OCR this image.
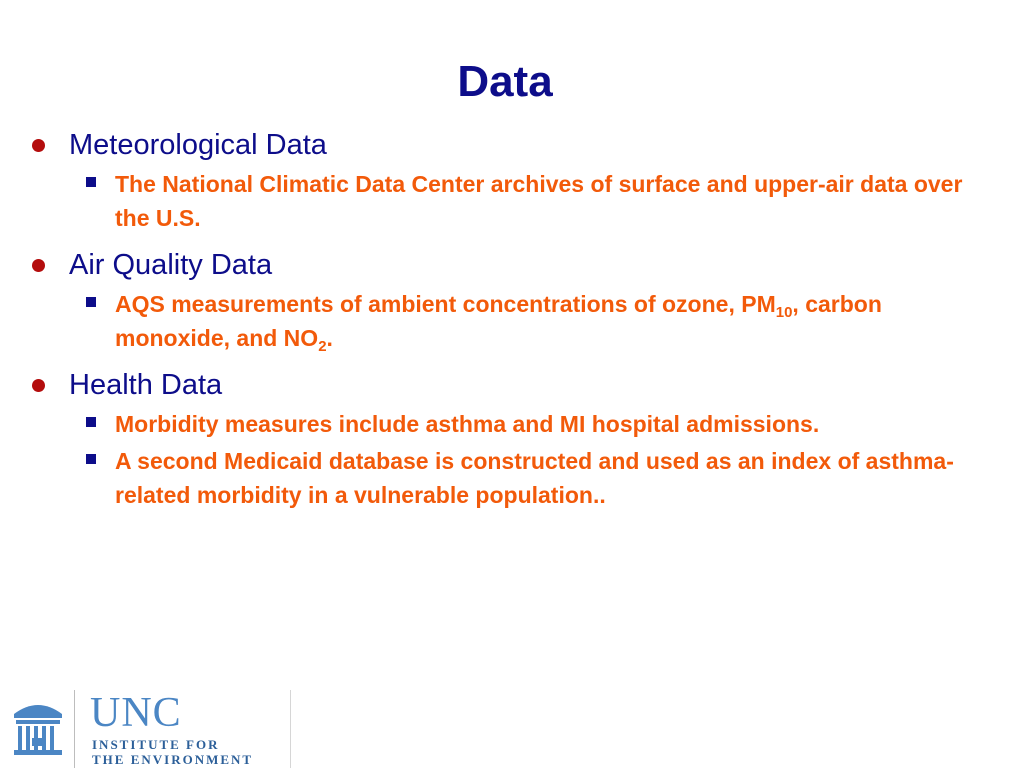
Data
Meteorological Data
The National Climatic Data Center archives of surface and upper-air data over the U.S.
Air Quality Data
AQS measurements of ambient concentrations of ozone, $PM_{10}$, carbon monoxide, and $NO_2$.
Health Data
Morbidity measures include asthma and MI hospital admissions.
A second Medicaid database is constructed and used as an index of asthma-related morbidity in a vulnerable population..
UNC
INSTITUTE FOR
THE ENVIRONMENT
